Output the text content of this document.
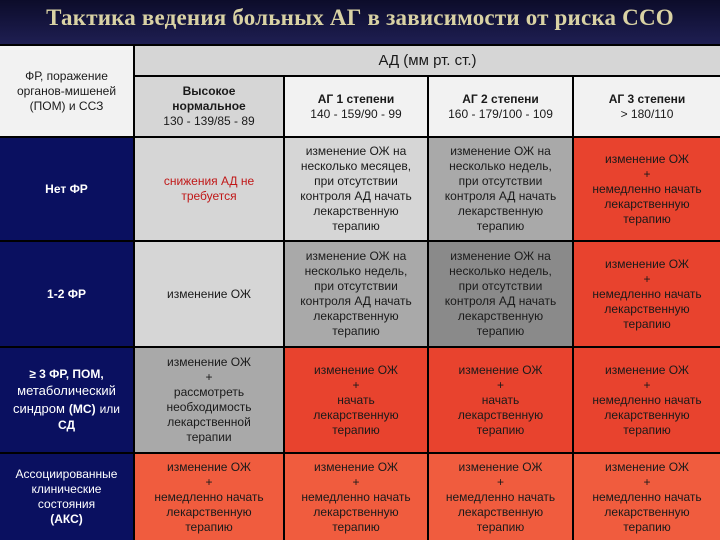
Тактика ведения больных АГ в зависимости от риска ССО
ФР, поражение
органов-мишеней
(ПОМ) и ССЗ
АД (мм рт. ст.)
Высокое
нормальное
130 - 139/85 - 89
АГ 1 степени
140 - 159/90 - 99
АГ 2 степени
160 - 179/100 - 109
АГ 3 степени
> 180/110
Нет ФР
снижения АД не
требуется
изменение ОЖ на
несколько месяцев,
при отсутствии
контроля АД начать
лекарственную
терапию
изменение ОЖ на
несколько недель,
при отсутствии
контроля АД начать
лекарственную
терапию
изменение ОЖ
+
немедленно начать
лекарственную
терапию
1-2 ФР	изменение ОЖ
изменение ОЖ на
несколько недель,
при отсутствии
контроля АД начать
лекарственную
терапию
изменение ОЖ на
несколько недель,
при отсутствии
контроля АД начать
лекарственную
терапию
изменение ОЖ
+
немедленно начать
лекарственную
терапию
≥ 3 ФР, ПОМ,
метаболический
синдром (МС) или
СД
изменение ОЖ
+
рассмотреть
необходимость
лекарственной
терапии
изменение ОЖ
+
начать
лекарственную
терапию
изменение ОЖ
+
начать
лекарственную
терапию
изменение ОЖ
+
немедленно начать
лекарственную
терапию
Ассоциированные
клинические
состояния
(АКС)
изменение ОЖ
+
немедленно начать
лекарственную
терапию
изменение ОЖ
+
немедленно начать
лекарственную
терапию
изменение ОЖ
+
немедленно начать
лекарственную
терапию
изменение ОЖ
+
немедленно начать
лекарственную
терапию
